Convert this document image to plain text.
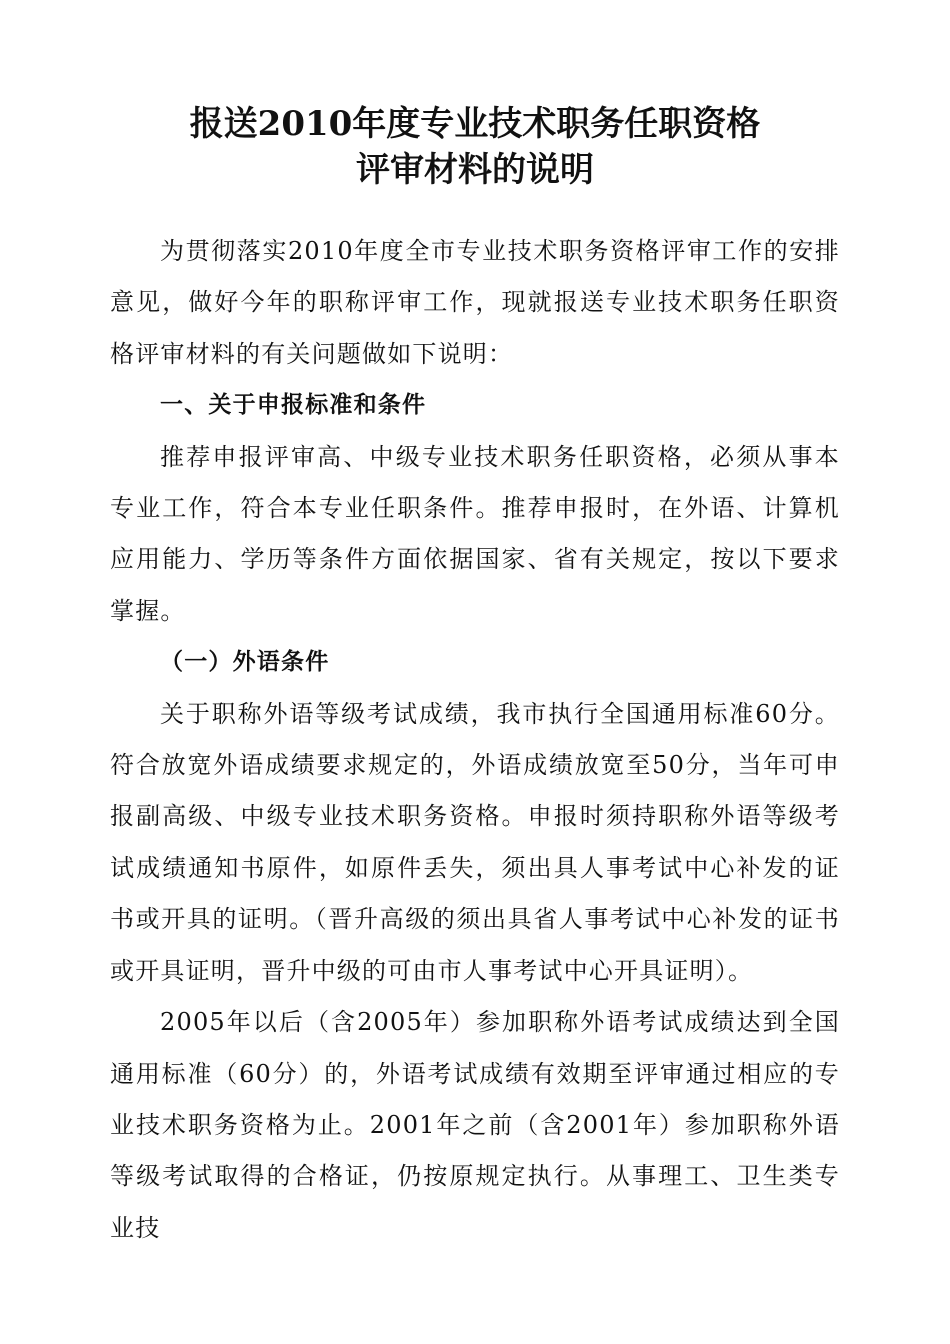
报送2010年度专业技术职务任职资格
评审材料的说明

为贯彻落实2010年度全市专业技术职务资格评审工作的安排意见，做好今年的职称评审工作，现就报送专业技术职务任职资格评审材料的有关问题做如下说明：

一、关于申报标准和条件

推荐申报评审高、中级专业技术职务任职资格，必须从事本专业工作，符合本专业任职条件。推荐申报时，在外语、计算机应用能力、学历等条件方面依据国家、省有关规定，按以下要求掌握。

（一）外语条件

关于职称外语等级考试成绩，我市执行全国通用标准60分。符合放宽外语成绩要求规定的，外语成绩放宽至50分，当年可申报副高级、中级专业技术职务资格。申报时须持职称外语等级考试成绩通知书原件，如原件丢失，须出具人事考试中心补发的证书或开具的证明。（晋升高级的须出具省人事考试中心补发的证书或开具证明，晋升中级的可由市人事考试中心开具证明）。

2005年以后（含2005年）参加职称外语考试成绩达到全国通用标准（60分）的，外语考试成绩有效期至评审通过相应的专业技术职务资格为止。2001年之前（含2001年）参加职称外语等级考试取得的合格证，仍按原规定执行。从事理工、卫生类专业技
